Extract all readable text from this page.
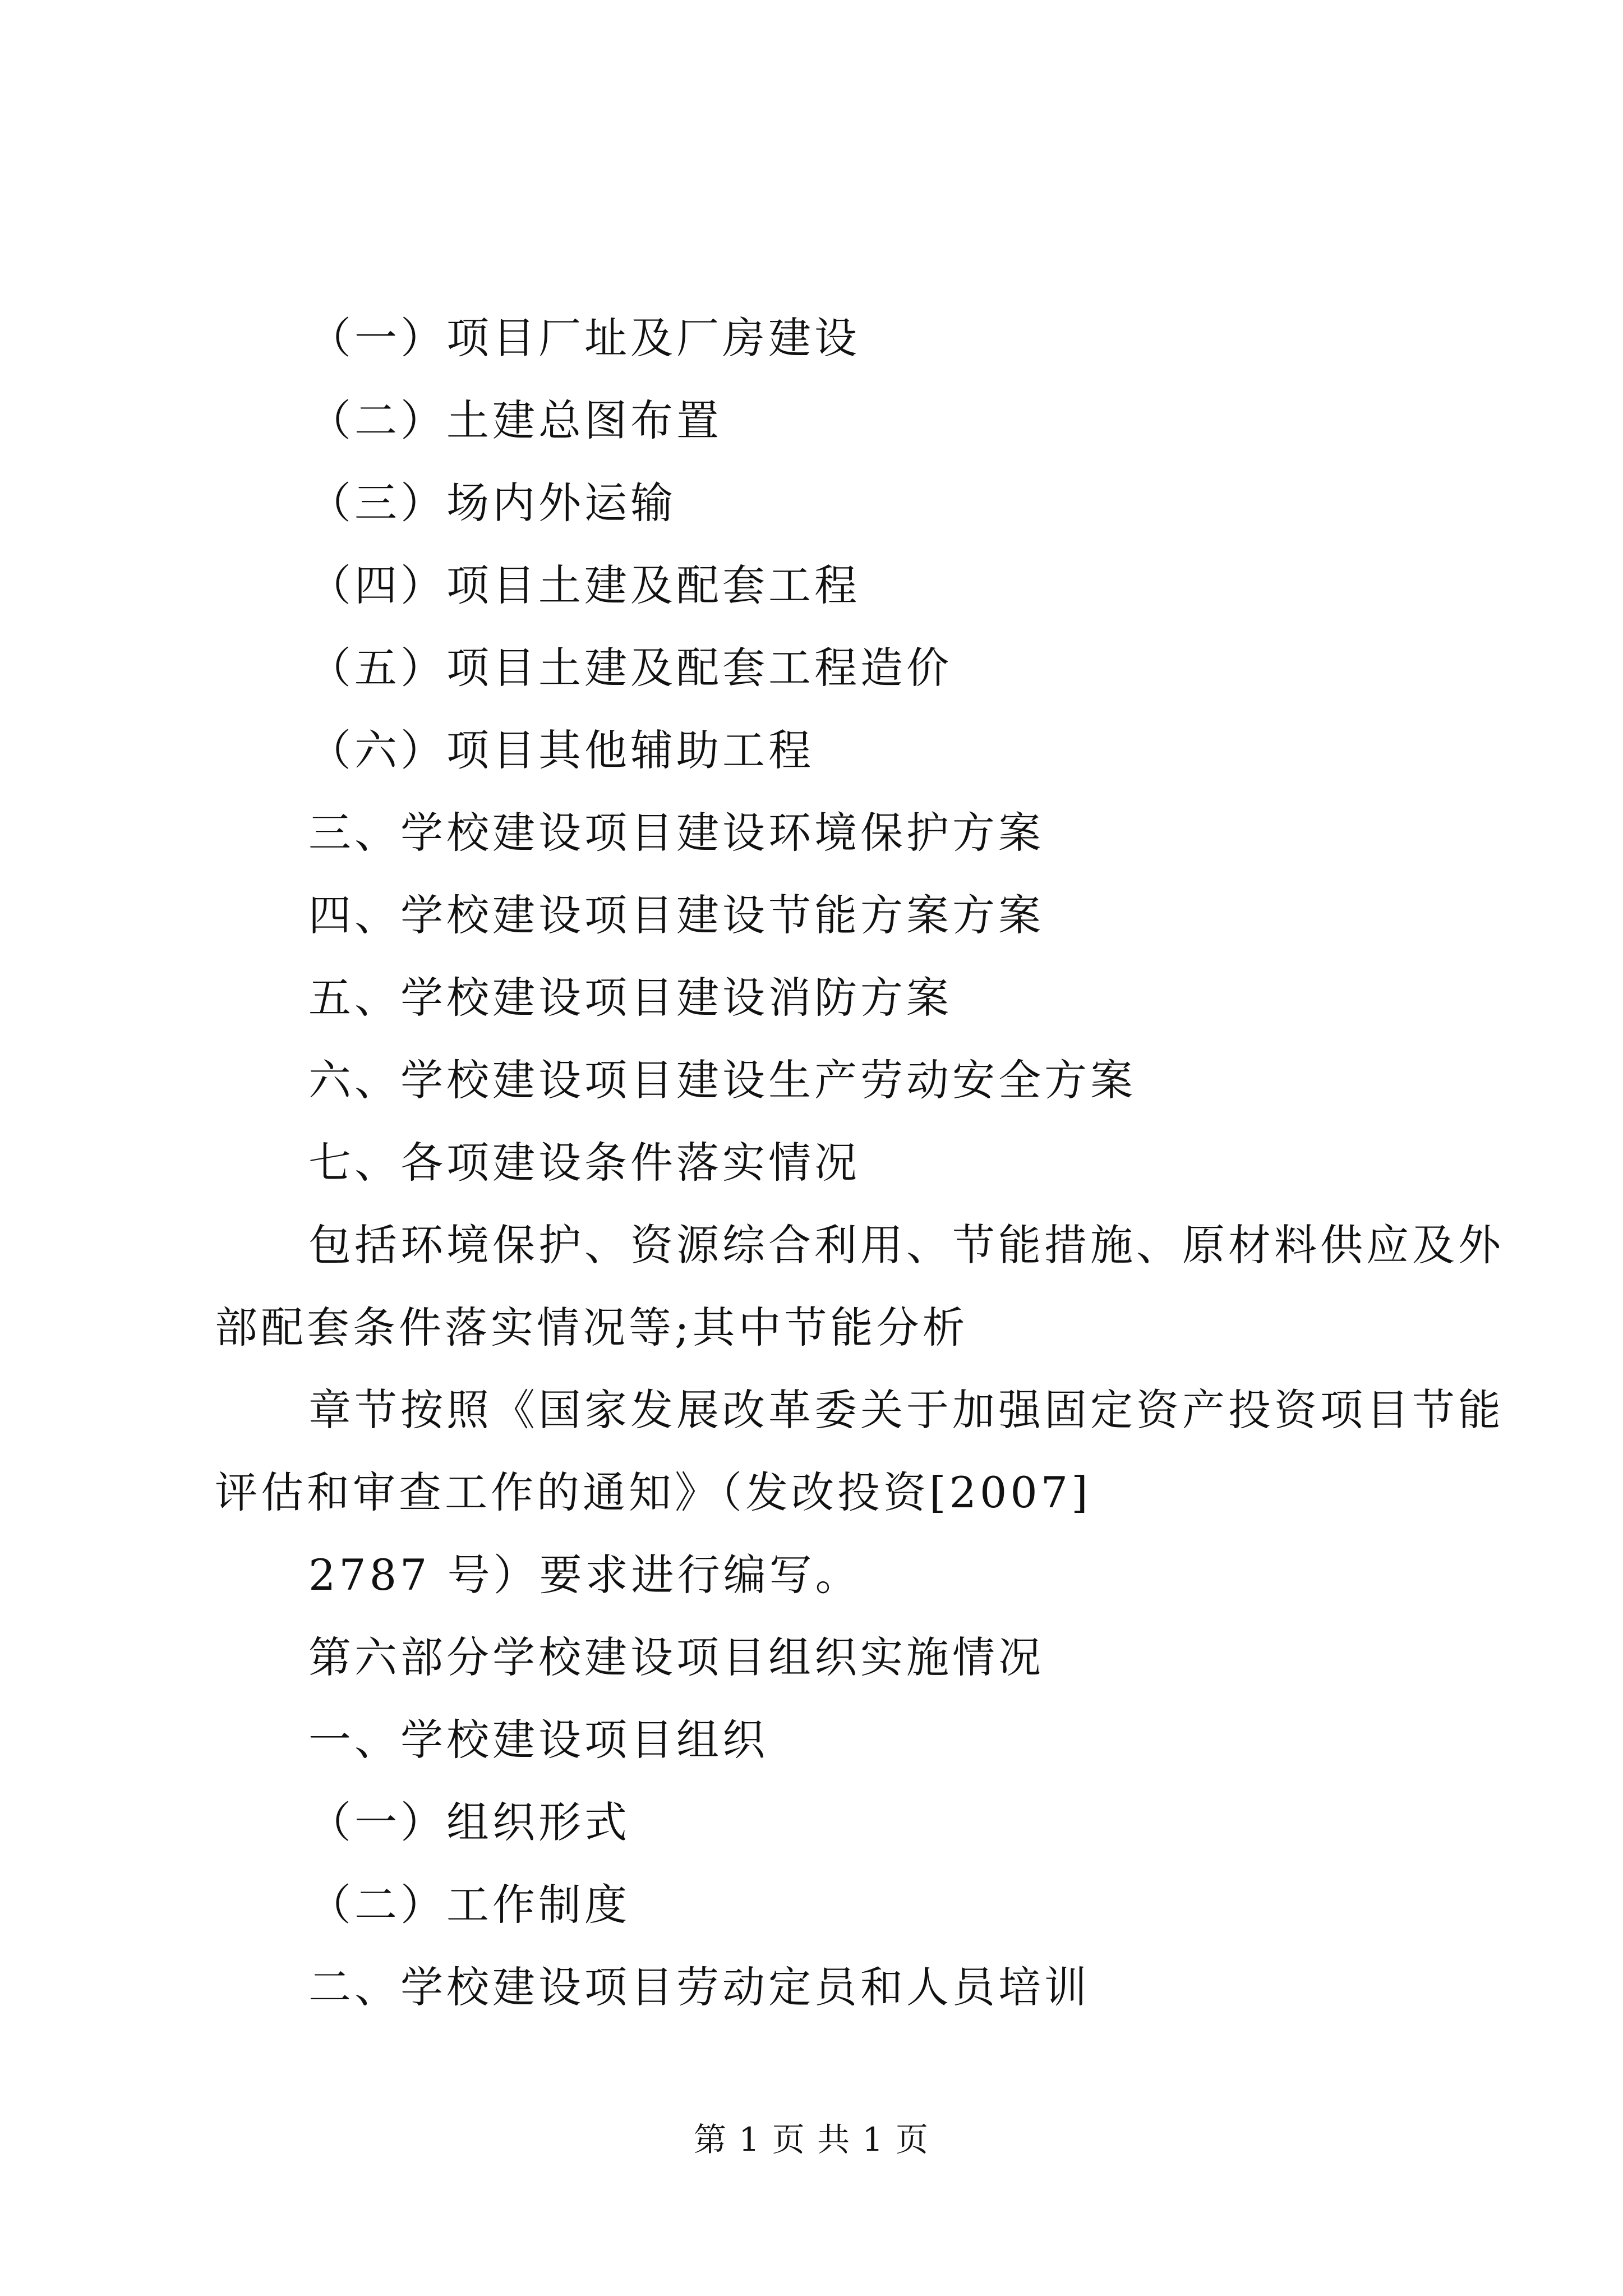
（一）项目厂址及厂房建设
（二）土建总图布置
（三）场内外运输
（四）项目土建及配套工程
（五）项目土建及配套工程造价
（六）项目其他辅助工程
三、学校建设项目建设环境保护方案
四、学校建设项目建设节能方案方案
五、学校建设项目建设消防方案
六、学校建设项目建设生产劳动安全方案
七、各项建设条件落实情况
包括环境保护、资源综合利用、节能措施、原材料供应及外
部配套条件落实情况等;其中节能分析
章节按照《国家发展改革委关于加强固定资产投资项目节能
评估和审查工作的通知》（发改投资[2007]
2787 号）要求进行编写。
第六部分学校建设项目组织实施情况
一、学校建设项目组织
（一）组织形式
（二）工作制度
二、学校建设项目劳动定员和人员培训
第 1 页 共 1 页
